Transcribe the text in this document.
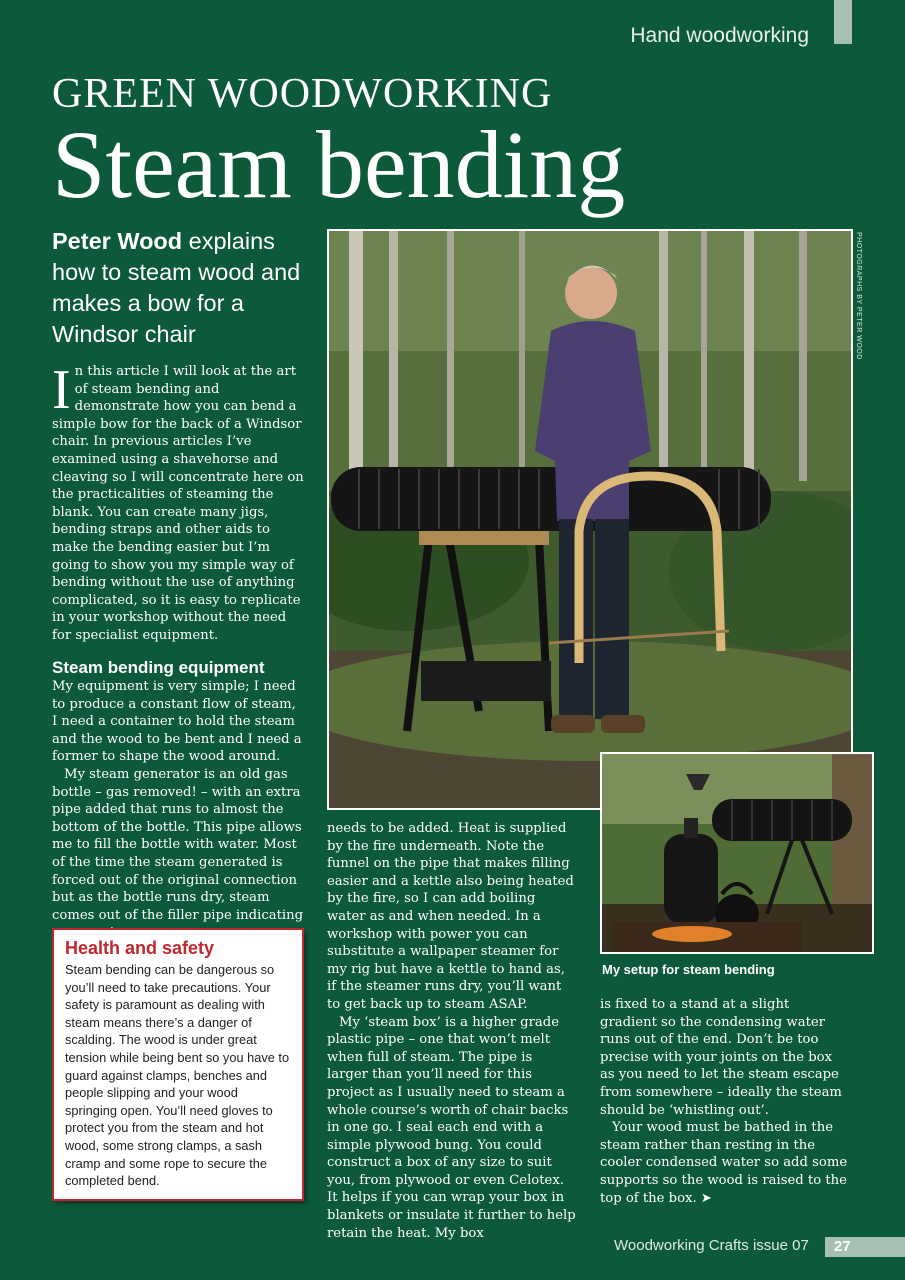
Hand woodworking
GREEN WOODWORKING
Steam bending
PHOTOGRAPHS BY PETER WOOD
Peter Wood explains how to steam wood and makes a bow for a Windsor chair

In this article I will look at the art of steam bending and demonstrate how you can bend a simple bow for the back of a Windsor chair. In previous articles I’ve examined using a shavehorse and cleaving so I will concentrate here on the practicalities of steaming the blank. You can create many jigs, bending straps and other aids to make the bending easier but I’m going to show you my simple way of bending without the use of anything complicated, so it is easy to replicate in your workshop without the need for specialist equipment.

Steam bending equipment

My equipment is very simple; I need to produce a constant flow of steam, I need a container to hold the steam and the wood to be bent and I need a former to shape the wood around.

My steam generator is an old gas bottle – gas removed! – with an extra pipe added that runs to almost the bottom of the bottle. This pipe allows me to fill the bottle with water. Most of the time the steam generated is forced out of the original connection but as the bottle runs dry, steam comes out of the filler pipe indicating

needs to be added. Heat is supplied by the fire underneath. Note the funnel on the pipe that makes filling easier and a kettle also being heated by the fire, so I can add boiling water as and when needed. In a workshop with power you can substitute a wallpaper steamer for my rig but have a kettle to hand as, if the steamer runs dry, you’ll want to get back up to steam ASAP.

My ‘steam box’ is a higher grade plastic pipe – one that won’t melt when full of steam. The pipe is larger than you’ll need for this project as I usually need to steam a whole course’s worth of chair backs in one go. I seal each end with a simple plywood bung. You could construct a box of any size to suit you, from plywood or even Celotex. It helps if you can wrap your box in blankets or insulate it further to help retain the heat. My box

is fixed to a stand at a slight gradient so the condensing water runs out of the end. Don’t be too precise with your joints on the box as you need to let the steam escape from somewhere – ideally the steam should be ‘whistling out’.

Your wood must be bathed in the steam rather than resting in the cooler condensed water so add some supports so the wood is raised to the top of the box. ➤

My setup for steam bending
Health and safety

Steam bending can be dangerous so you’ll need to take precautions. Your safety is paramount as dealing with steam means there’s a danger of scalding. The wood is under great tension while being bent so you have to guard against clamps, benches and people slipping and your wood springing open. You’ll need gloves to protect you from the steam and hot wood, some strong clamps, a sash cramp and some rope to secure the completed bend.

Woodworking Crafts issue 07 27
